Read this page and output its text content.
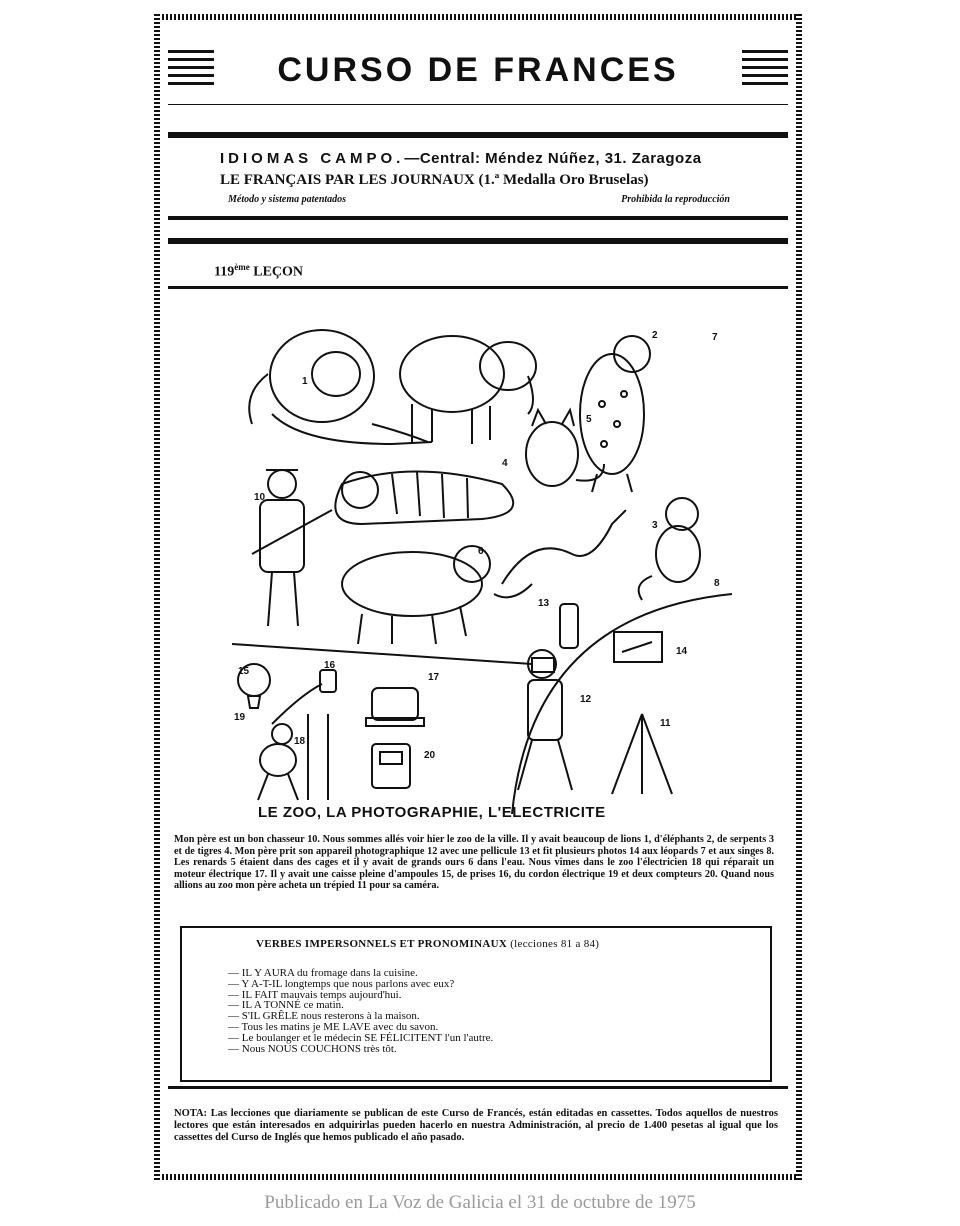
CURSO DE FRANCES
IDIOMAS CAMPO.—Central: Méndez Núñez, 31. Zaragoza
LE FRANÇAIS PAR LES JOURNAUX (1.ª Medalla Oro Bruselas)
Método y sistema patentados	Prohibida la reproducción
119ème LEÇON
2	7
1
5
4
10
3
6
8
13
14
15
16
17
12
11
19
18
20
LE ZOO, LA PHOTOGRAPHIE, L'ELECTRICITE
Mon père est un bon chasseur 10. Nous sommes allés voir hier le zoo de la ville. Il y avait beaucoup de lions 1, d'éléphants 2, de serpents 3 et de tigres 4. Mon père prit son appareil photographique 12 avec une pellicule 13 et fit plusieurs photos 14 aux léopards 7 et aux singes 8. Les renards 5 étaient dans des cages et il y avait de grands ours 6 dans l'eau. Nous vîmes dans le zoo l'électricien 18 qui réparait un moteur électrique 17. Il y avait une caisse pleine d'ampoules 15, de prises 16, du cordon électrique 19 et deux compteurs 20. Quand nous allions au zoo mon père acheta un trépied 11 pour sa caméra.
VERBES IMPERSONNELS ET PRONOMINAUX (lecciones 81 a 84)
— IL Y AURA du fromage dans la cuisine.
— Y A-T-IL longtemps que nous parlons avec eux?
— IL FAIT mauvais temps aujourd'hui.
— IL A TONNÉ ce matin.
— S'IL GRÊLE nous resterons à la maison.
— Tous les matins je ME LAVE avec du savon.
— Le boulanger et le médecin SE FÉLICITENT l'un l'autre.
— Nous NOUS COUCHONS très tôt.
NOTA: Las lecciones que diariamente se publican de este Curso de Francés, están editadas en cassettes. Todos aquellos de nuestros lectores que están interesados en adquirirlas pueden hacerlo en nuestra Administración, al precio de 1.400 pesetas al igual que los cassettes del Curso de Inglés que hemos publicado el año pasado.
Publicado en La Voz de Galicia el 31 de octubre de 1975
